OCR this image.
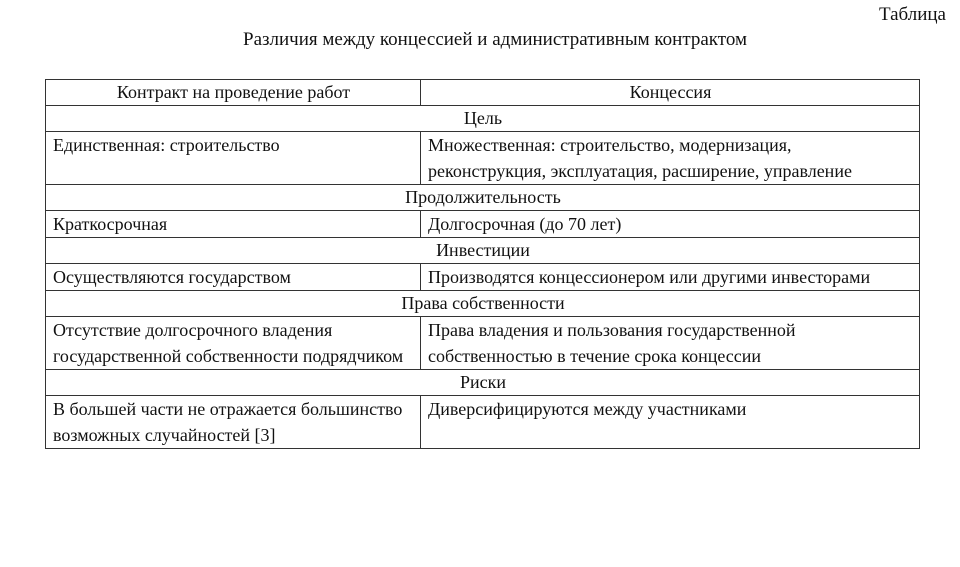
Таблица
Различия между концессией и административным контрактом
Контракт на проведение работ	Концессия
Цель	
Единственная: строительство	Множественная: строительство, модернизация, реконструкция, эксплуатация, расширение, управление
Продолжительность	
Краткосрочная	Долгосрочная (до 70 лет)
Инвестиции	
Осуществляются государством	Производятся концессионером или другими инвесторами
Права собственности	
Отсутствие долгосрочного владения государственной собственности подрядчиком	Права владения и пользования государственной собственностью в течение срока концессии
Риски	
В большей части не отражается большинство возможных случайностей [3]	Диверсифицируются между участниками
